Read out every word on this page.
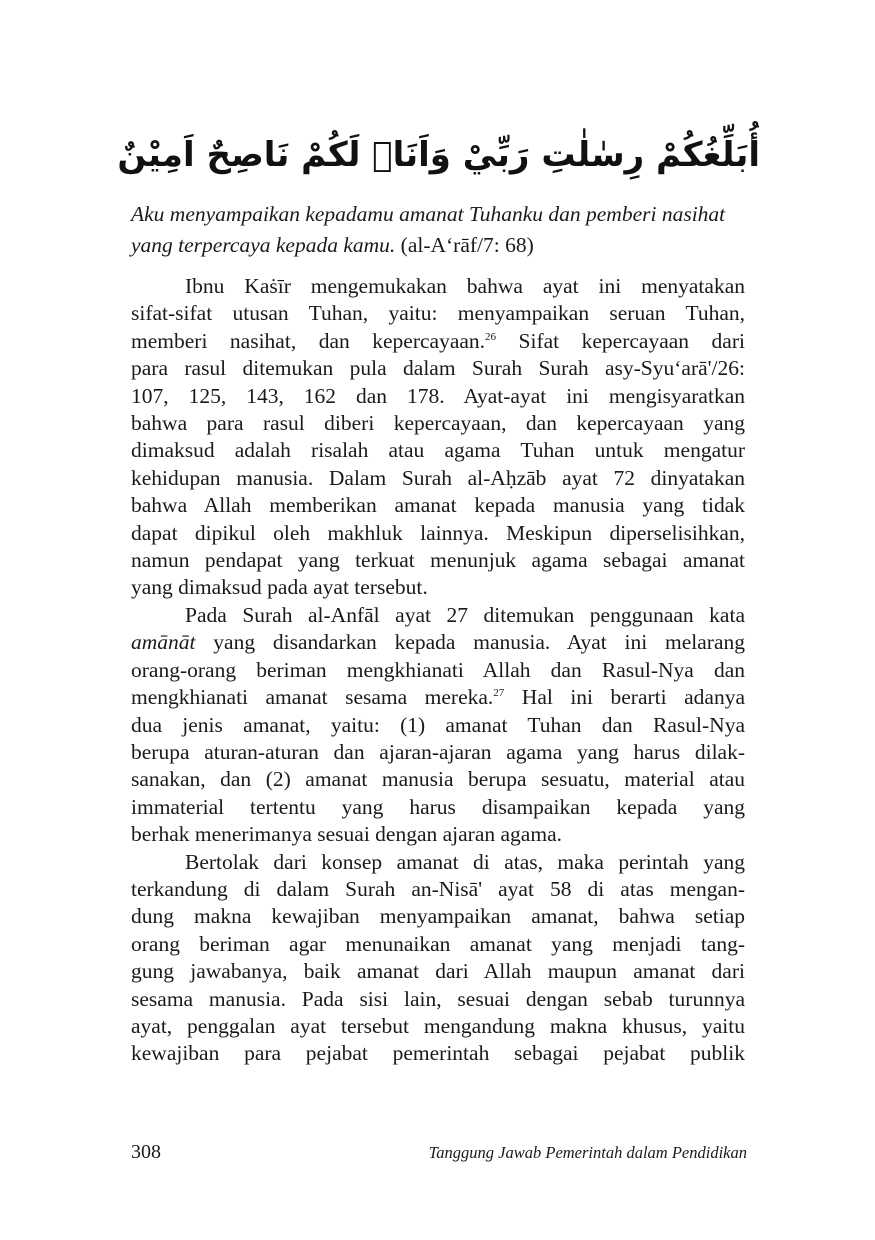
أُبَلِّغُكُمْ رِسٰلٰتِ رَبِّيْ وَاَنَا۠ لَكُمْ نَاصِحٌ اَمِيْنٌ
Aku menyampaikan kepadamu amanat Tuhanku dan pemberi nasihat
yang terpercaya kepada kamu. (al-A‘rāf/7: 68)

Ibnu Kaṡīr mengemukakan bahwa ayat ini menyatakan
sifat-sifat utusan Tuhan, yaitu: menyampaikan seruan Tuhan,
memberi nasihat, dan kepercayaan.$^{26}$ Sifat kepercayaan dari
para rasul ditemukan pula dalam Surah Surah asy-Syu‘arā'/26:
107, 125, 143, 162 dan 178. Ayat-ayat ini mengisyaratkan
bahwa para rasul diberi kepercayaan, dan kepercayaan yang
dimaksud adalah risalah atau agama Tuhan untuk mengatur
kehidupan manusia. Dalam Surah al-Aḥzāb ayat 72 dinyatakan
bahwa Allah memberikan amanat kepada manusia yang tidak
dapat dipikul oleh makhluk lainnya. Meskipun diperselisihkan,
namun pendapat yang terkuat menunjuk agama sebagai amanat
yang dimaksud pada ayat tersebut.

Pada Surah al-Anfāl ayat 27 ditemukan penggunaan kata
amānāt yang disandarkan kepada manusia. Ayat ini melarang
orang-orang beriman mengkhianati Allah dan Rasul-Nya dan
mengkhianati amanat sesama mereka.$^{27}$ Hal ini berarti adanya
dua jenis amanat, yaitu: (1) amanat Tuhan dan Rasul-Nya
berupa aturan-aturan dan ajaran-ajaran agama yang harus dilak-
sanakan, dan (2) amanat manusia berupa sesuatu, material atau
immaterial tertentu yang harus disampaikan kepada yang
berhak menerimanya sesuai dengan ajaran agama.

Bertolak dari konsep amanat di atas, maka perintah yang
terkandung di dalam Surah an-Nisā' ayat 58 di atas mengan-
dung makna kewajiban menyampaikan amanat, bahwa setiap
orang beriman agar menunaikan amanat yang menjadi tang-
gung jawabanya, baik amanat dari Allah maupun amanat dari
sesama manusia. Pada sisi lain, sesuai dengan sebab turunnya
ayat, penggalan ayat tersebut mengandung makna khusus, yaitu
kewajiban para pejabat pemerintah sebagai pejabat publik

308	Tanggung Jawab Pemerintah dalam Pendidikan
